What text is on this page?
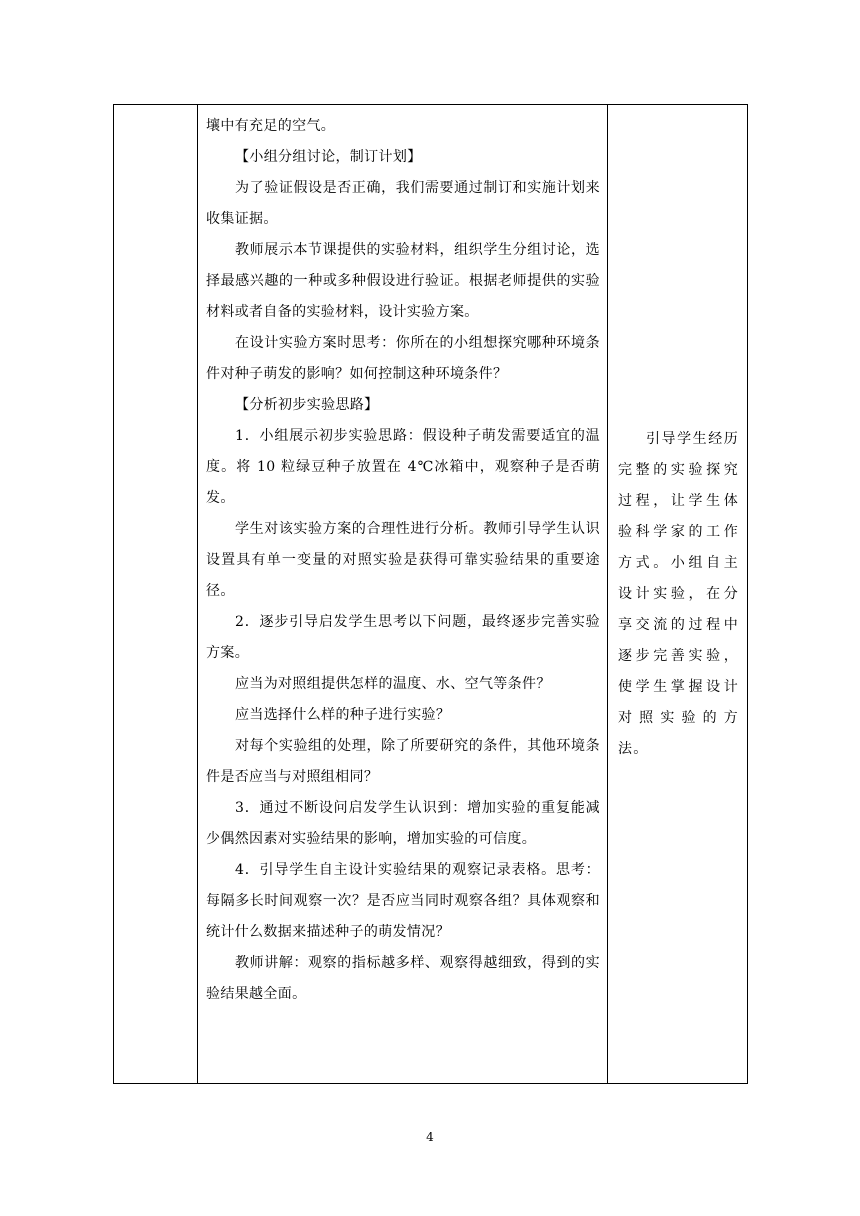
壤中有充足的空气。

【小组分组讨论，制订计划】

为了验证假设是否正确，我们需要通过制订和实施计划来收集证据。

教师展示本节课提供的实验材料，组织学生分组讨论，选择最感兴趣的一种或多种假设进行验证。根据老师提供的实验材料或者自备的实验材料，设计实验方案。

在设计实验方案时思考：你所在的小组想探究哪种环境条件对种子萌发的影响？如何控制这种环境条件？

【分析初步实验思路】

1．小组展示初步实验思路：假设种子萌发需要适宜的温度。将 10 粒绿豆种子放置在 4℃冰箱中，观察种子是否萌发。

学生对该实验方案的合理性进行分析。教师引导学生认识设置具有单一变量的对照实验是获得可靠实验结果的重要途径。

2．逐步引导启发学生思考以下问题，最终逐步完善实验方案。

应当为对照组提供怎样的温度、水、空气等条件？

应当选择什么样的种子进行实验？

对每个实验组的处理，除了所要研究的条件，其他环境条件是否应当与对照组相同？

3．通过不断设问启发学生认识到：增加实验的重复能减少偶然因素对实验结果的影响，增加实验的可信度。

4．引导学生自主设计实验结果的观察记录表格。思考：每隔多长时间观察一次？是否应当同时观察各组？具体观察和统计什么数据来描述种子的萌发情况？

教师讲解：观察的指标越多样、观察得越细致，得到的实验结果越全面。

引导学生经历完整的实验探究过程，让学生体验科学家的工作方式。小组自主设计实验，在分享交流的过程中逐步完善实验，使学生掌握设计对照实验的方法。

4
